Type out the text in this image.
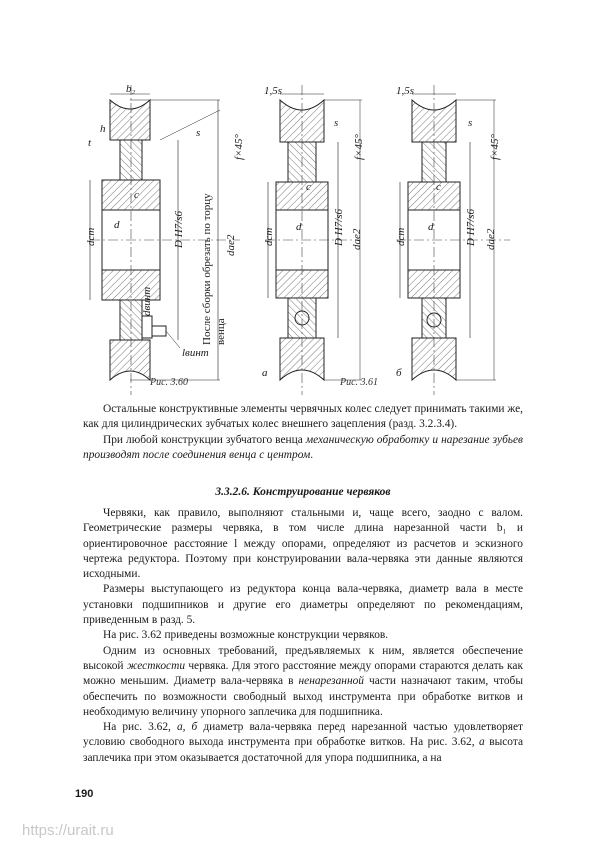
b₂
h
t
s
d
c
dст	D H7/s6
f×45°
dae2
dвинт
lвинт
После сборки обрезать по торцу венца
1,5s
s
c
d
dст	D H7/s6
f×45°
dae2
а
1,5s
s
c
d
dст	D H7/s6
f×45°
dae2
б
Рис. 3.60	Рис. 3.61

Остальные конструктивные элементы червячных колес следует принимать такими же, как для цилиндрических зубчатых колес внешнего зацепления (разд. 3.2.3.4).

При любой конструкции зубчатого венца механическую обработку и нарезание зубьев производят после соединения венца с центром.

3.3.2.6. Конструирование червяков

Червяки, как правило, выполняют стальными и, чаще всего, заодно с валом. Геометрические размеры червяка, в том числе длина нарезанной части b₁ и ориентировочное расстояние l между опорами, определяют из расчетов и эскизного чертежа редуктора. Поэтому при конструировании вала-червяка эти данные являются исходными.

Размеры выступающего из редуктора конца вала-червяка, диаметр вала в месте установки подшипников и другие его диаметры определяют по рекомендациям, приведенным в разд. 5.

На рис. 3.62 приведены возможные конструкции червяков.

Одним из основных требований, предъявляемых к ним, является обеспечение высокой жесткости червяка. Для этого расстояние между опорами стараются делать как можно меньшим. Диаметр вала-червяка в ненарезанной части назначают таким, чтобы обеспечить по возможности свободный выход инструмента при обработке витков и необходимую величину упорного заплечика для подшипника.

На рис. 3.62, а, б диаметр вала-червяка перед нарезанной частью удовлетворяет условию свободного выхода инструмента при обработке витков. На рис. 3.62, а высота заплечика при этом оказывается достаточной для упора подшипника, а на

190
https://urait.ru
